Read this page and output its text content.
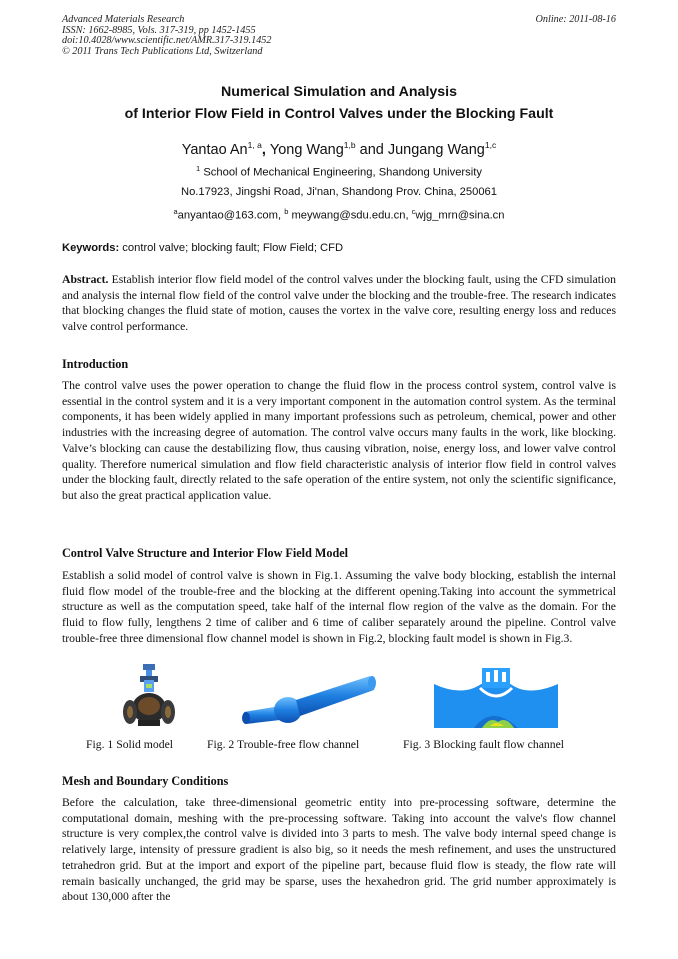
Advanced Materials Research
ISSN: 1662-8985, Vols. 317-319, pp 1452-1455
doi:10.4028/www.scientific.net/AMR.317-319.1452
© 2011 Trans Tech Publications Ltd, Switzerland
Online: 2011-08-16
Numerical Simulation and Analysis
of Interior Flow Field in Control Valves under the Blocking Fault
Yantao An$^{1, a}$, Yong Wang$^{1,b}$ and Jungang Wang$^{1,c}$
$^1$ School of Mechanical Engineering, Shandong University
No.17923, Jingshi Road, Ji'nan, Shandong Prov. China, 250061
$^a$anyantao@163.com, $^b$ meywang@sdu.edu.cn, $^c$wjg_mrn@sina.cn
Keywords: control valve; blocking fault; Flow Field; CFD
Abstract. Establish interior flow field model of the control valves under the blocking fault, using the CFD simulation and analysis the internal flow field of the control valve under the blocking and the trouble-free. The research indicates that blocking changes the fluid state of motion, causes the vortex in the valve core, resulting energy loss and reduces valve control performance.
Introduction
The control valve uses the power operation to change the fluid flow in the process control system, control valve is essential in the control system and it is a very important component in the automation control system. As the terminal components, it has been widely applied in many important professions such as petroleum, chemical, power and other industries with the increasing degree of automation. The control valve occurs many faults in the work, like blocking. Valve’s blocking can cause the destabilizing flow, thus causing vibration, noise, energy loss, and lower valve control quality. Therefore numerical simulation and flow field characteristic analysis of interior flow field in control valves under the blocking fault, directly related to the safe operation of the entire system, not only the scientific significance, but also the great practical application value.
Control Valve Structure and Interior Flow Field Model
Establish a solid model of control valve is shown in Fig.1. Assuming the valve body blocking, establish the internal fluid flow model of the trouble-free and the blocking at the different opening.Taking into account the symmetrical structure as well as the computation speed, take half of the internal flow region of the valve as the domain. For the fluid to flow fully, lengthens 2 time of caliber and 6 time of caliber separately around the pipeline. Control valve trouble-free three dimensional flow channel model is shown in Fig.2, blocking fault model is shown in Fig.3.
Fig. 1 Solid model	Fig. 2 Trouble-free flow channel	Fig. 3 Blocking fault flow channel
Mesh and Boundary Conditions
Before the calculation, take three-dimensional geometric entity into pre-processing software, determine the computational domain, meshing with the pre-processing software. Taking into account the valve's flow channel structure is very complex,the control valve is divided into 3 parts to mesh. The valve body internal speed change is relatively large, intensity of pressure gradient is also big, so it needs the mesh refinement, and uses the unstructured tetrahedron grid. But at the import and export of the pipeline part, because fluid flow is steady, the flow rate will remain basically unchanged, the grid may be sparse, uses the hexahedron grid. The grid number approximately is about 130,000 after the
